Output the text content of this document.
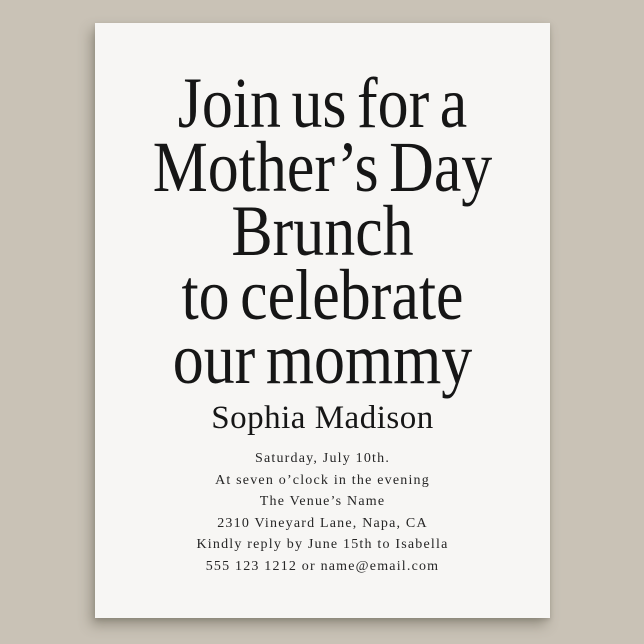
Join us for a
Mother’s Day
Brunch
to celebrate
our mommy
Sophia Madison
Saturday, July 10th.
At seven o’clock in the evening
The Venue’s Name
2310 Vineyard Lane, Napa, CA
Kindly reply by June 15th to Isabella
555 123 1212 or name@email.com
